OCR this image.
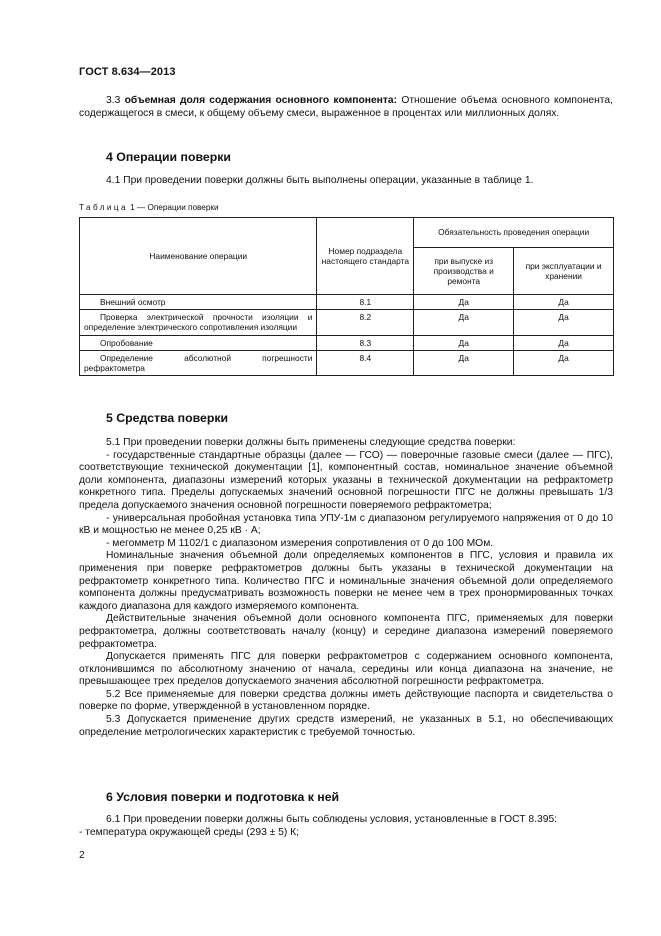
ГОСТ 8.634—2013

3.3 объемная доля содержания основного компонента: Отношение объема основного компонента, содержащегося в смеси, к общему объему смеси, выраженное в процентах или миллионных долях.

4 Операции поверки

4.1 При проведении поверки должны быть выполнены операции, указанные в таблице 1.

Таблица 1 — Операции поверки
Наименование операции	Номер подраздела настоящего стандарта	Обязательность проведения операции	
		при выпуске из производства и ремонта	при эксплуатации и хранении

Внешний осмотр	8.1	Да	Да

Проверка электрической прочности изоляции и определение электрического сопротивления изоляции	8.2	Да	Да

Опробование	8.3	Да	Да

Определение абсолютной погрешности рефрактометра	8.4	Да	Да
5 Средства поверки

5.1 При проведении поверки должны быть применены следующие средства поверки:

- государственные стандартные образцы (далее — ГСО) — поверочные газовые смеси (далее — ПГС), соответствующие технической документации [1], компонентный состав, номинальное значение объемной доли компонента, диапазоны измерений которых указаны в технической документации на рефрактометр конкретного типа. Пределы допускаемых значений основной погрешности ПГС не должны превышать 1/3 предела допускаемого значения основной погрешности поверяемого рефрактометра;

- универсальная пробойная установка типа УПУ-1м с диапазоном регулируемого напряжения от 0 до 10 кВ и мощностью не менее 0,25 кВ · А;

- мегомметр М 1102/1 с диапазоном измерения сопротивления от 0 до 100 МОм.

Номинальные значения объемной доли определяемых компонентов в ПГС, условия и правила их применения при поверке рефрактометров должны быть указаны в технической документации на рефрактометр конкретного типа. Количество ПГС и номинальные значения объемной доли определяемого компонента должны предусматривать возможность поверки не менее чем в трех пронормированных точках каждого диапазона для каждого измеряемого компонента.

Действительные значения объемной доли основного компонента ПГС, применяемых для поверки рефрактометра, должны соответствовать началу (концу) и середине диапазона измерений поверяемого рефрактометра.

Допускается применять ПГС для поверки рефрактометров с содержанием основного компонента, отклонившимся по абсолютному значению от начала, середины или конца диапазона на значение, не превышающее трех пределов допускаемого значения абсолютной погрешности рефрактометра.

5.2 Все применяемые для поверки средства должны иметь действующие паспорта и свидетельства о поверке по форме, утвержденной в установленном порядке.

5.3 Допускается применение других средств измерений, не указанных в 5.1, но обеспечивающих определение метрологических характеристик с требуемой точностью.

6 Условия поверки и подготовка к ней

6.1 При проведении поверки должны быть соблюдены условия, установленные в ГОСТ 8.395:

- температура окружающей среды (293 ± 5) К;

2
